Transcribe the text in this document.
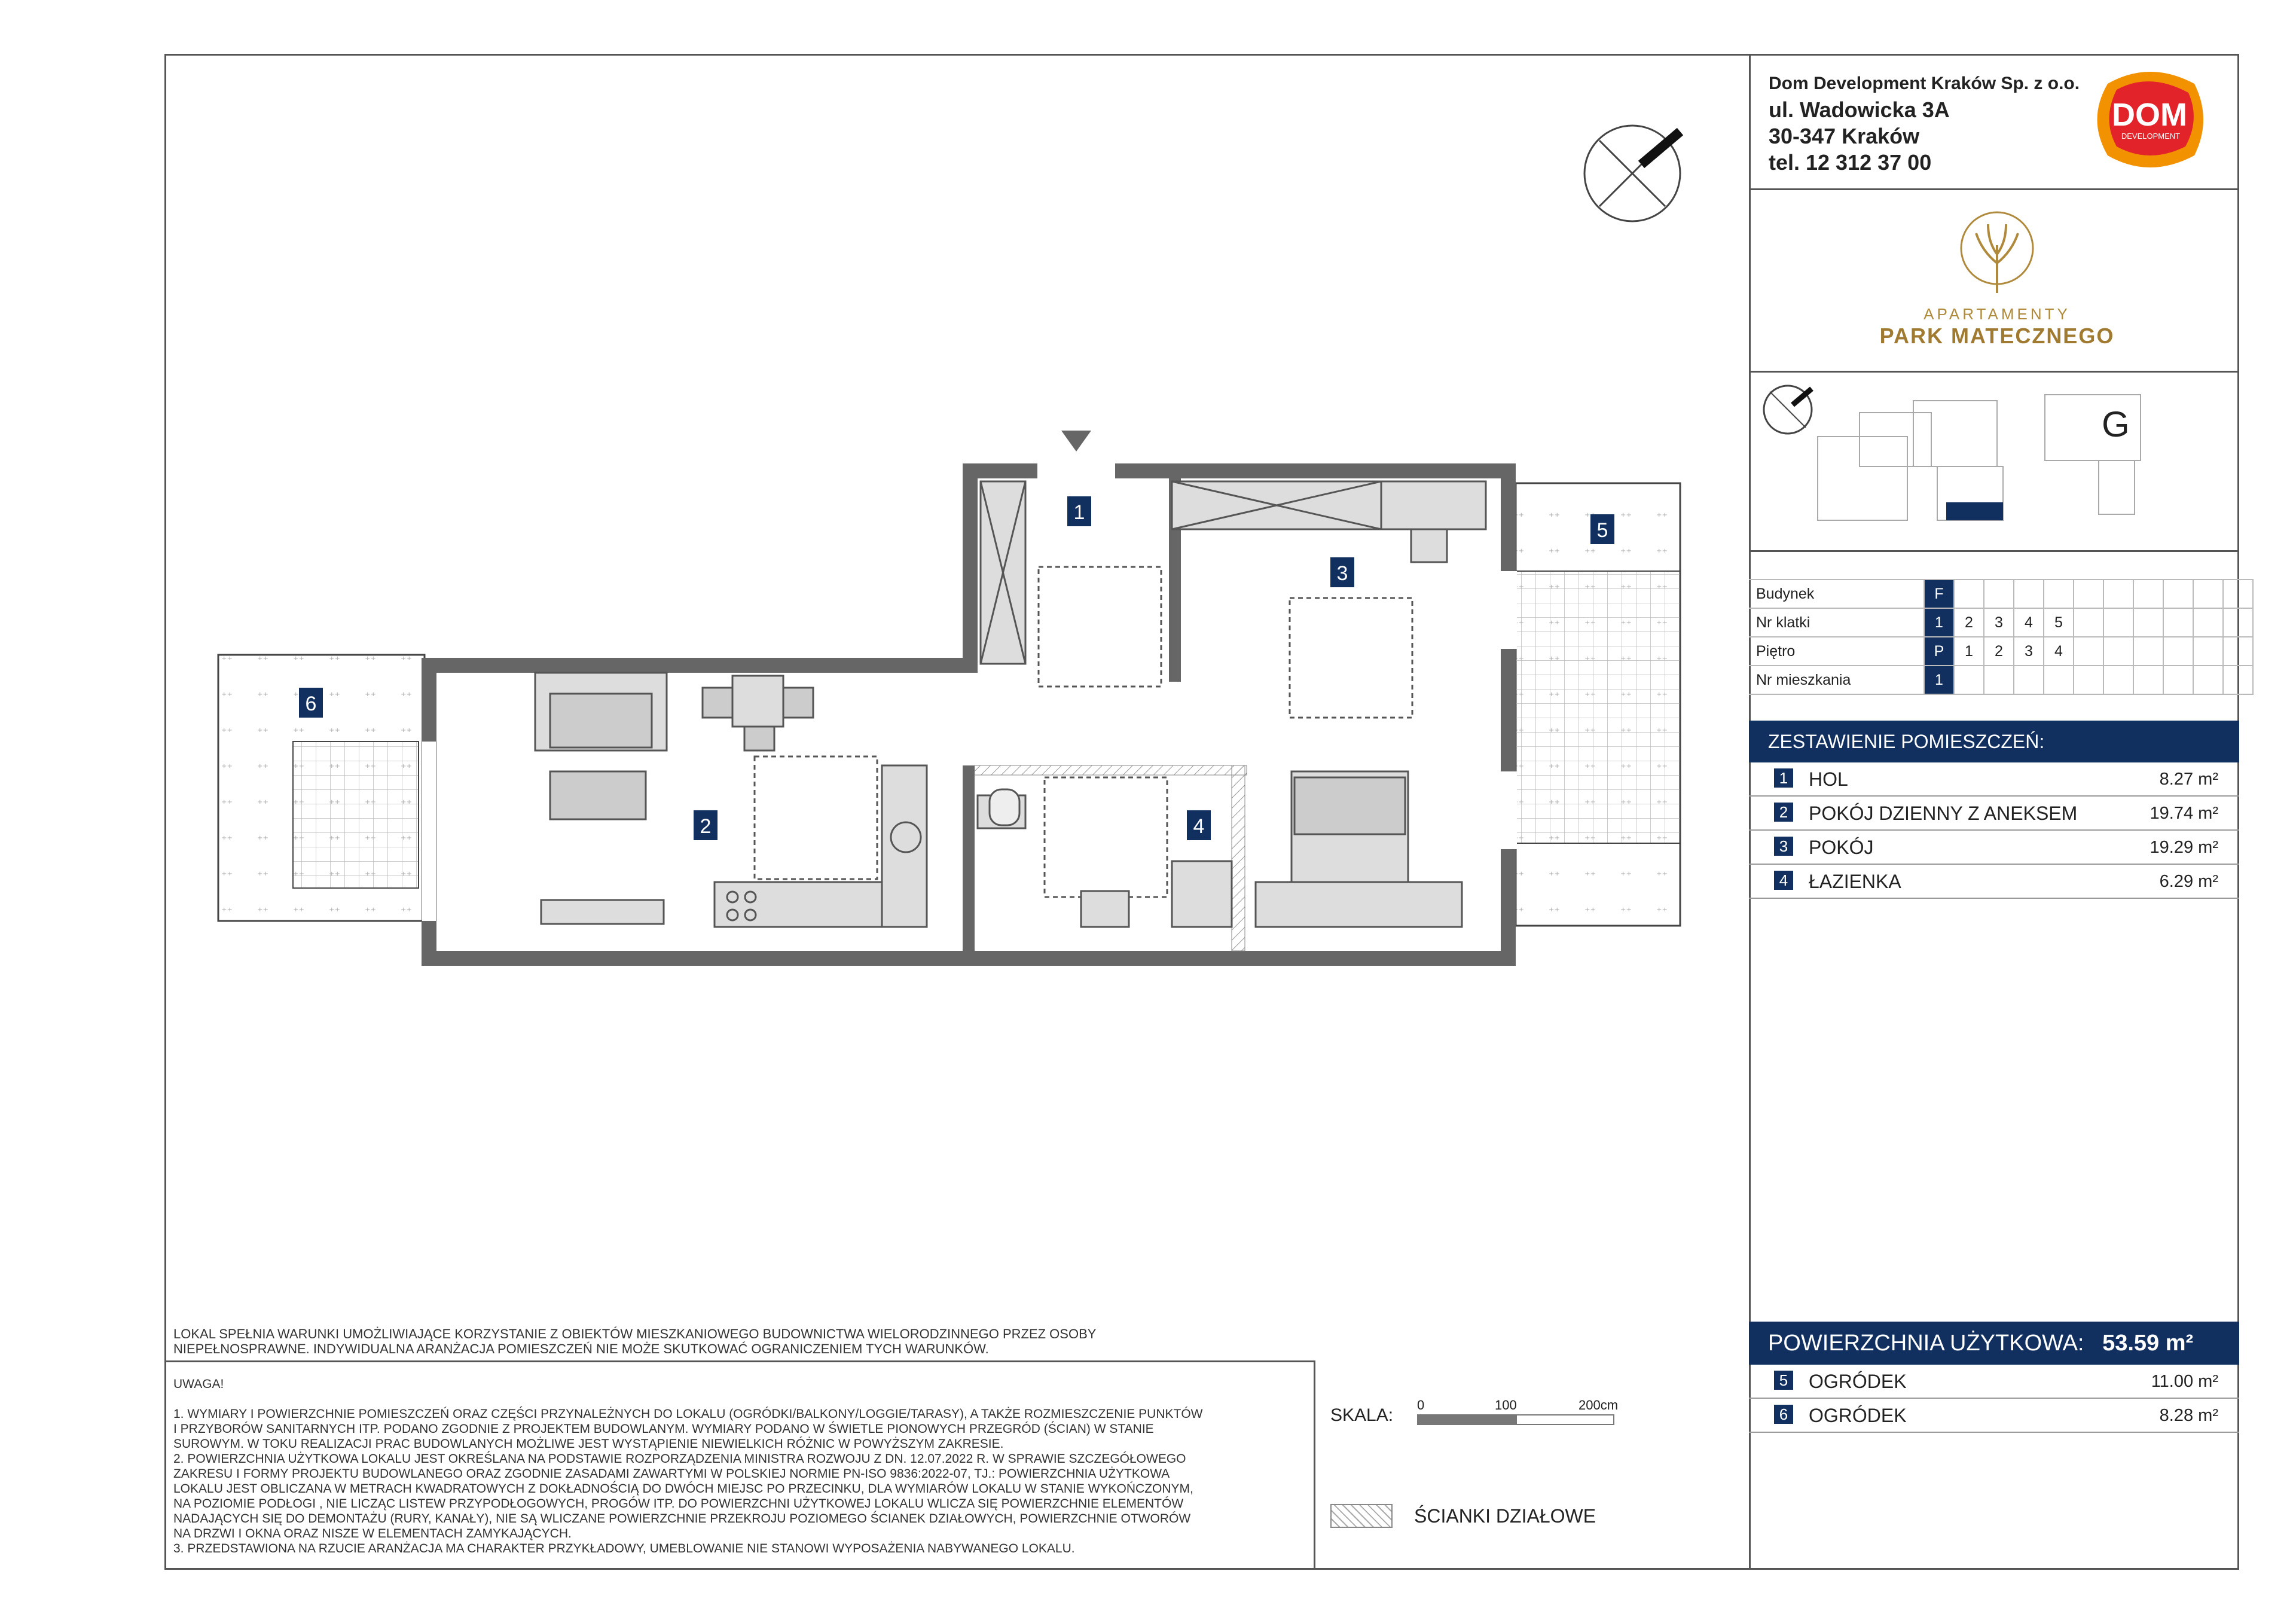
1
2
3
4
5
6
Dom Development Kraków Sp. z o.o.
ul. Wadowicka 3A
30-347 Kraków
tel. 12 312 37 00
DOM
DEVELOPMENT
APARTAMENTY
PARK MATECZNEGO
G
Budynek	F										
Nr klatki	1	2	3	4	5						
Piętro	P	1	2	3	4						
Nr mieszkania	1										
ZESTAWIENIE POMIESZCZEŃ:
1 HOL	8.27 m²
2 POKÓJ DZIENNY Z ANEKSEM	19.74 m²
3 POKÓJ	19.29 m²
4 ŁAZIENKA	6.29 m²
POWIERZCHNIA UŻYTKOWA: 53.59 m²
5 OGRÓDEK	11.00 m²
6 OGRÓDEK	8.28 m²
LOKAL SPEŁNIA WARUNKI UMOŻLIWIAJĄCE KORZYSTANIE Z OBIEKTÓW MIESZKANIOWEGO BUDOWNICTWA WIELORODZINNEGO PRZEZ OSOBY
NIEPEŁNOSPRAWNE. INDYWIDUALNA ARANŻACJA POMIESZCZEŃ NIE MOŻE SKUTKOWAĆ OGRANICZENIEM TYCH WARUNKÓW.
UWAGA!
1. WYMIARY I POWIERZCHNIE POMIESZCZEŃ ORAZ CZĘŚCI PRZYNALEŻNYCH DO LOKALU (OGRÓDKI/BALKONY/LOGGIE/TARASY), A TAKŻE ROZMIESZCZENIE PUNKTÓW
I PRZYBORÓW SANITARNYCH ITP. PODANO ZGODNIE Z PROJEKTEM BUDOWLANYM. WYMIARY PODANO W ŚWIETLE PIONOWYCH PRZEGRÓD (ŚCIAN) W STANIE
SUROWYM. W TOKU REALIZACJI PRAC BUDOWLANYCH MOŻLIWE JEST WYSTĄPIENIE NIEWIELKICH RÓŻNIC W POWYŻSZYM ZAKRESIE.
2. POWIERZCHNIA UŻYTKOWA LOKALU JEST OKREŚLANA NA PODSTAWIE ROZPORZĄDZENIA MINISTRA ROZWOJU Z DN. 12.07.2022 R. W SPRAWIE SZCZEGÓŁOWEGO
ZAKRESU I FORMY PROJEKTU BUDOWLANEGO ORAZ ZGODNIE ZASADAMI ZAWARTYMI W POLSKIEJ NORMIE PN-ISO 9836:2022-07, TJ.: POWIERZCHNIA UŻYTKOWA
LOKALU JEST OBLICZANA W METRACH KWADRATOWYCH Z DOKŁADNOŚCIĄ DO DWÓCH MIEJSC PO PRZECINKU, DLA WYMIARÓW LOKALU W STANIE WYKOŃCZONYM,
NA POZIOMIE PODŁOGI , NIE LICZĄC LISTEW PRZYPODŁOGOWYCH, PROGÓW ITP. DO POWIERZCHNI UŻYTKOWEJ LOKALU WLICZA SIĘ POWIERZCHNIE ELEMENTÓW
NADAJĄCYCH SIĘ DO DEMONTAŻU (RURY, KANAŁY), NIE SĄ WLICZANE POWIERZCHNIE PRZEKROJU POZIOMEGO ŚCIANEK DZIAŁOWYCH, POWIERZCHNIE OTWORÓW
NA DRZWI I OKNA ORAZ NISZE W ELEMENTACH ZAMYKAJĄCYCH.
3. PRZEDSTAWIONA NA RZUCIE ARANŻACJA MA CHARAKTER PRZYKŁADOWY, UMEBLOWANIE NIE STANOWI WYPOSAŻENIA NABYWANEGO LOKALU.
SKALA:
0	100	200cm
ŚCIANKI DZIAŁOWE
